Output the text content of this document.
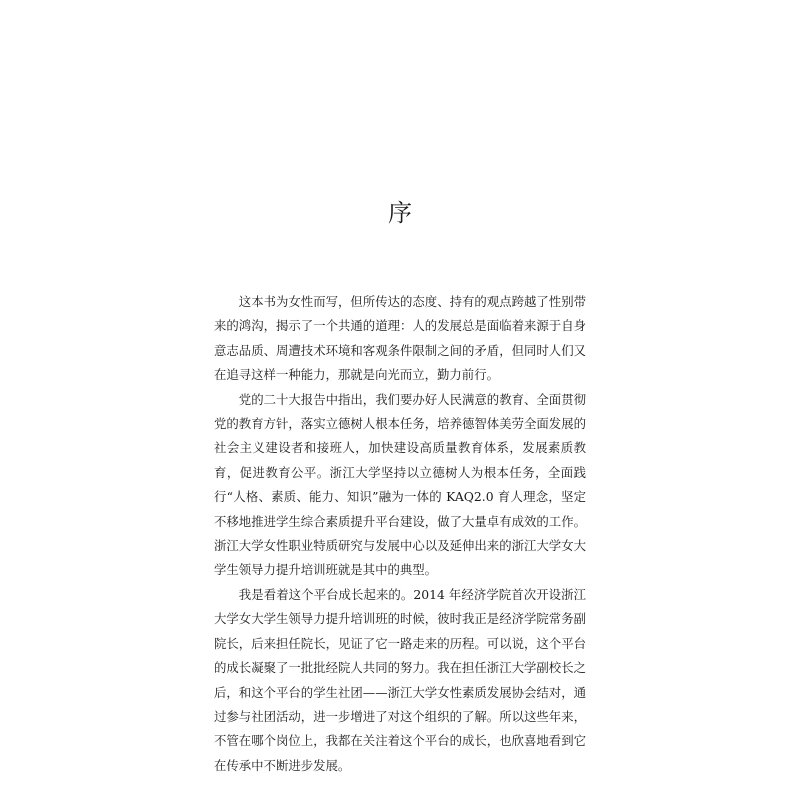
序

这本书为女性而写，但所传达的态度、持有的观点跨越了性别带来的鸿沟，揭示了一个共通的道理：人的发展总是面临着来源于自身意志品质、周遭技术环境和客观条件限制之间的矛盾，但同时人们又在追寻这样一种能力，那就是向光而立，勤力前行。

党的二十大报告中指出，我们要办好人民满意的教育、全面贯彻党的教育方针，落实立德树人根本任务，培养德智体美劳全面发展的社会主义建设者和接班人，加快建设高质量教育体系，发展素质教育，促进教育公平。浙江大学坚持以立德树人为根本任务，全面践行“人格、素质、能力、知识”融为一体的 KAQ2.0 育人理念，坚定不移地推进学生综合素质提升平台建设，做了大量卓有成效的工作。浙江大学女性职业特质研究与发展中心以及延伸出来的浙江大学女大学生领导力提升培训班就是其中的典型。

我是看着这个平台成长起来的。2014 年经济学院首次开设浙江大学女大学生领导力提升培训班的时候，彼时我正是经济学院常务副院长，后来担任院长，见证了它一路走来的历程。可以说，这个平台的成长凝聚了一批批经院人共同的努力。我在担任浙江大学副校长之后，和这个平台的学生社团——浙江大学女性素质发展协会结对，通过参与社团活动，进一步增进了对这个组织的了解。所以这些年来，不管在哪个岗位上，我都在关注着这个平台的成长，也欣喜地看到它在传承中不断进步发展。
